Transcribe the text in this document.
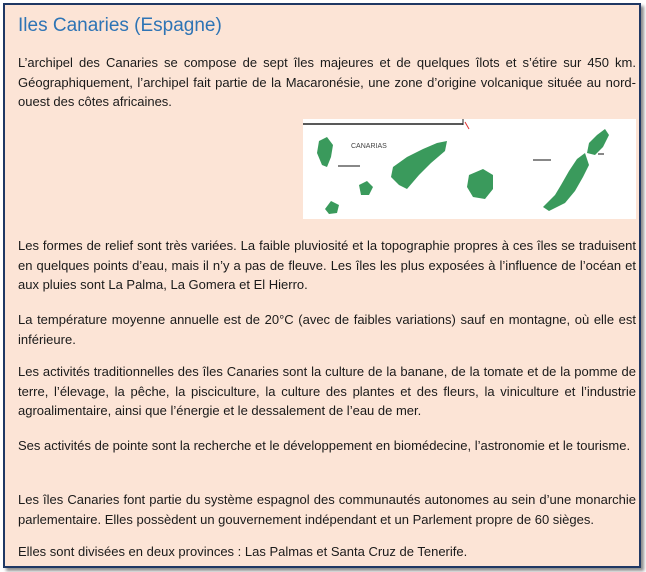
Iles Canaries (Espagne)

L’archipel des Canaries se compose de sept îles majeures et de quelques îlots et s’étire sur 450 km. Géographiquement, l’archipel fait partie de la Macaronésie, une zone d’origine volcanique située au nord-ouest des côtes africaines.

CANARIAS

Les formes de relief sont très variées. La faible pluviosité et la topographie propres à ces îles se traduisent en quelques points d’eau, mais il n’y a pas de fleuve. Les îles les plus exposées à l’influence de l’océan et aux pluies sont La Palma, La Gomera et El Hierro.

La température moyenne annuelle est de 20°C (avec de faibles variations) sauf en montagne, où elle est inférieure.

Les activités traditionnelles des îles Canaries sont la culture de la banane, de la tomate et de la pomme de terre, l’élevage, la pêche, la pisciculture, la culture des plantes et des fleurs, la viniculture et l’industrie agroalimentaire, ainsi que l’énergie et le dessalement de l’eau de mer.

Ses activités de pointe sont la recherche et le développement en biomédecine, l’astronomie et le tourisme.

Les îles Canaries font partie du système espagnol des communautés autonomes au sein d’une monarchie parlementaire. Elles possèdent un gouvernement indépendant et un Parlement propre de 60 sièges.

Elles sont divisées en deux provinces : Las Palmas et Santa Cruz de Tenerife.
